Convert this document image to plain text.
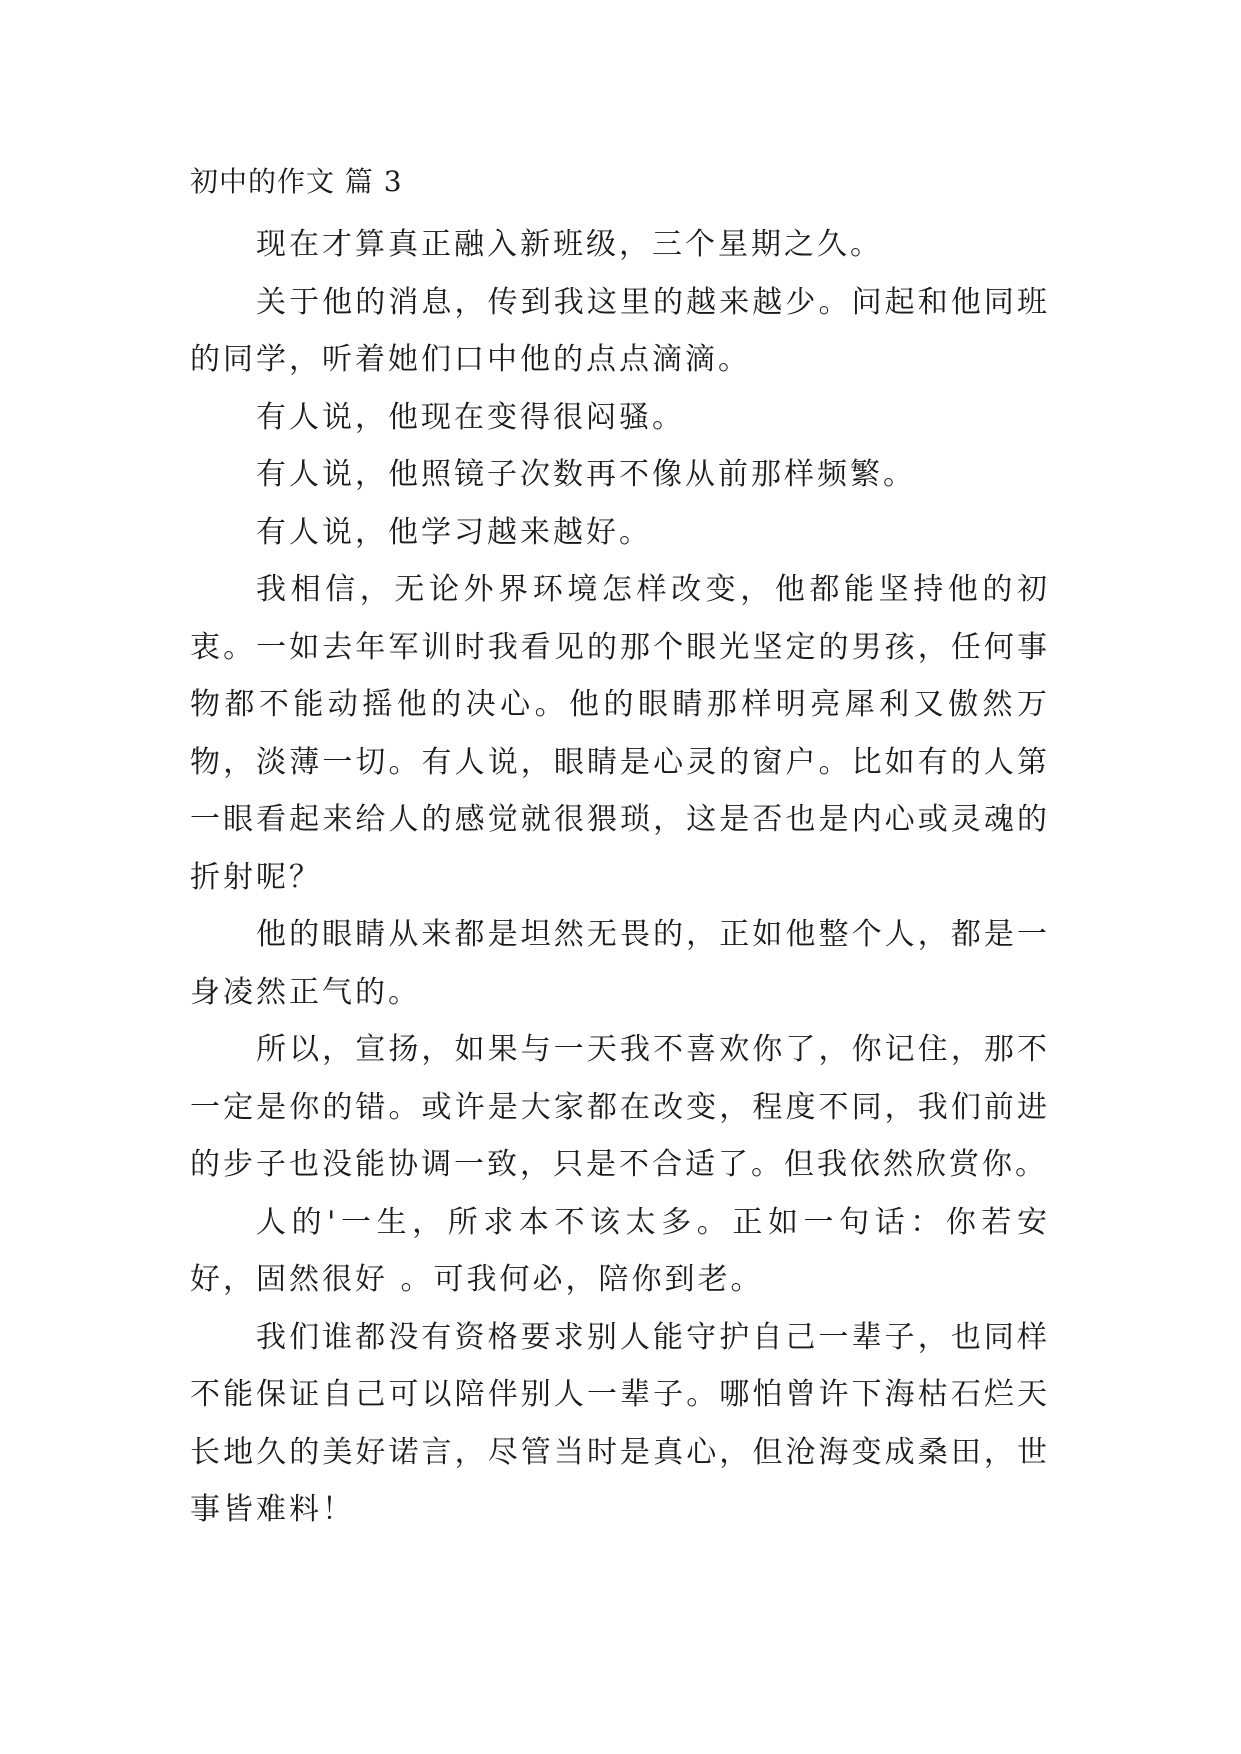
初中的作文 篇 3

现在才算真正融入新班级，三个星期之久。

关于他的消息，传到我这里的越来越少。问起和他同班的同学，听着她们口中他的点点滴滴。

有人说，他现在变得很闷骚。

有人说，他照镜子次数再不像从前那样频繁。

有人说，他学习越来越好。

我相信，无论外界环境怎样改变，他都能坚持他的初衷。一如去年军训时我看见的那个眼光坚定的男孩，任何事物都不能动摇他的决心。他的眼睛那样明亮犀利又傲然万物，淡薄一切。有人说，眼睛是心灵的窗户。比如有的人第一眼看起来给人的感觉就很猥琐，这是否也是内心或灵魂的折射呢？

他的眼睛从来都是坦然无畏的，正如他整个人，都是一身凌然正气的。

所以，宣扬，如果与一天我不喜欢你了，你记住，那不一定是你的错。或许是大家都在改变，程度不同，我们前进的步子也没能协调一致，只是不合适了。但我依然欣赏你。

人的'一生，所求本不该太多。正如一句话：你若安好，固然很好 。可我何必，陪你到老。

我们谁都没有资格要求别人能守护自己一辈子，也同样不能保证自己可以陪伴别人一辈子。哪怕曾许下海枯石烂天长地久的美好诺言，尽管当时是真心，但沧海变成桑田，世事皆难料！
